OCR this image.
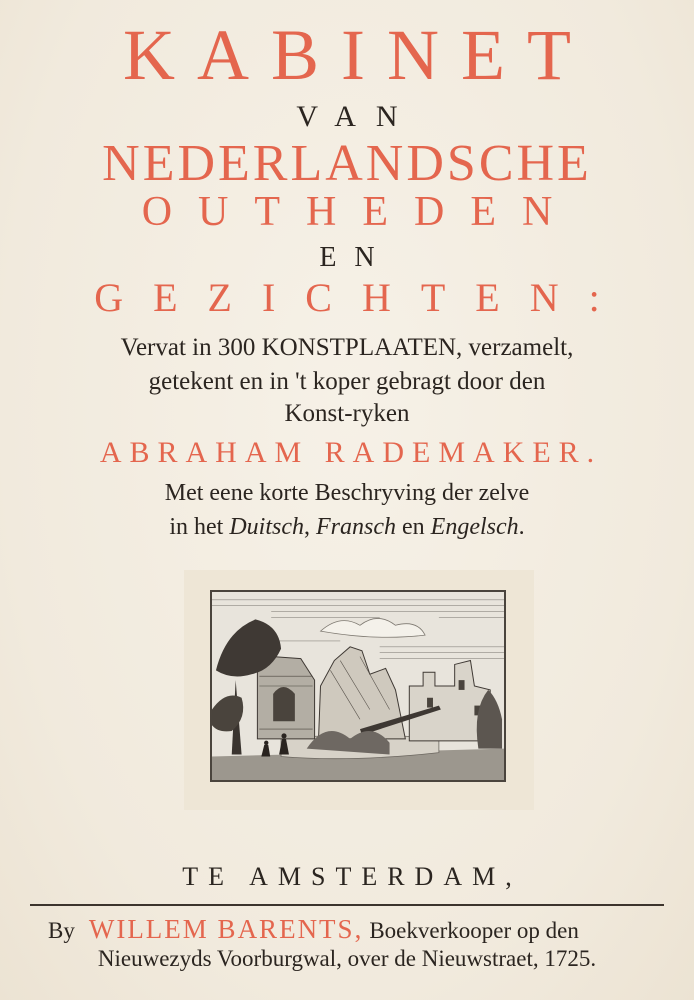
KABINET
VAN
NEDERLANDSCHE
OUTHEDEN
EN
GEZICHTEN:
Vervat in 300 KONSTPLAATEN, verzamelt,
getekent en in 't koper gebragt door den
Konst-ryken
ABRAHAM RADEMAKER.
Met eene korte Beschryving der zelve
in het Duitsch, Fransch en Engelsch.
TE AMSTERDAM,
By WILLEM BARENTS, Boekverkooper op den
Nieuwezyds Voorburgwal, over de Nieuwstraet, 1725.
